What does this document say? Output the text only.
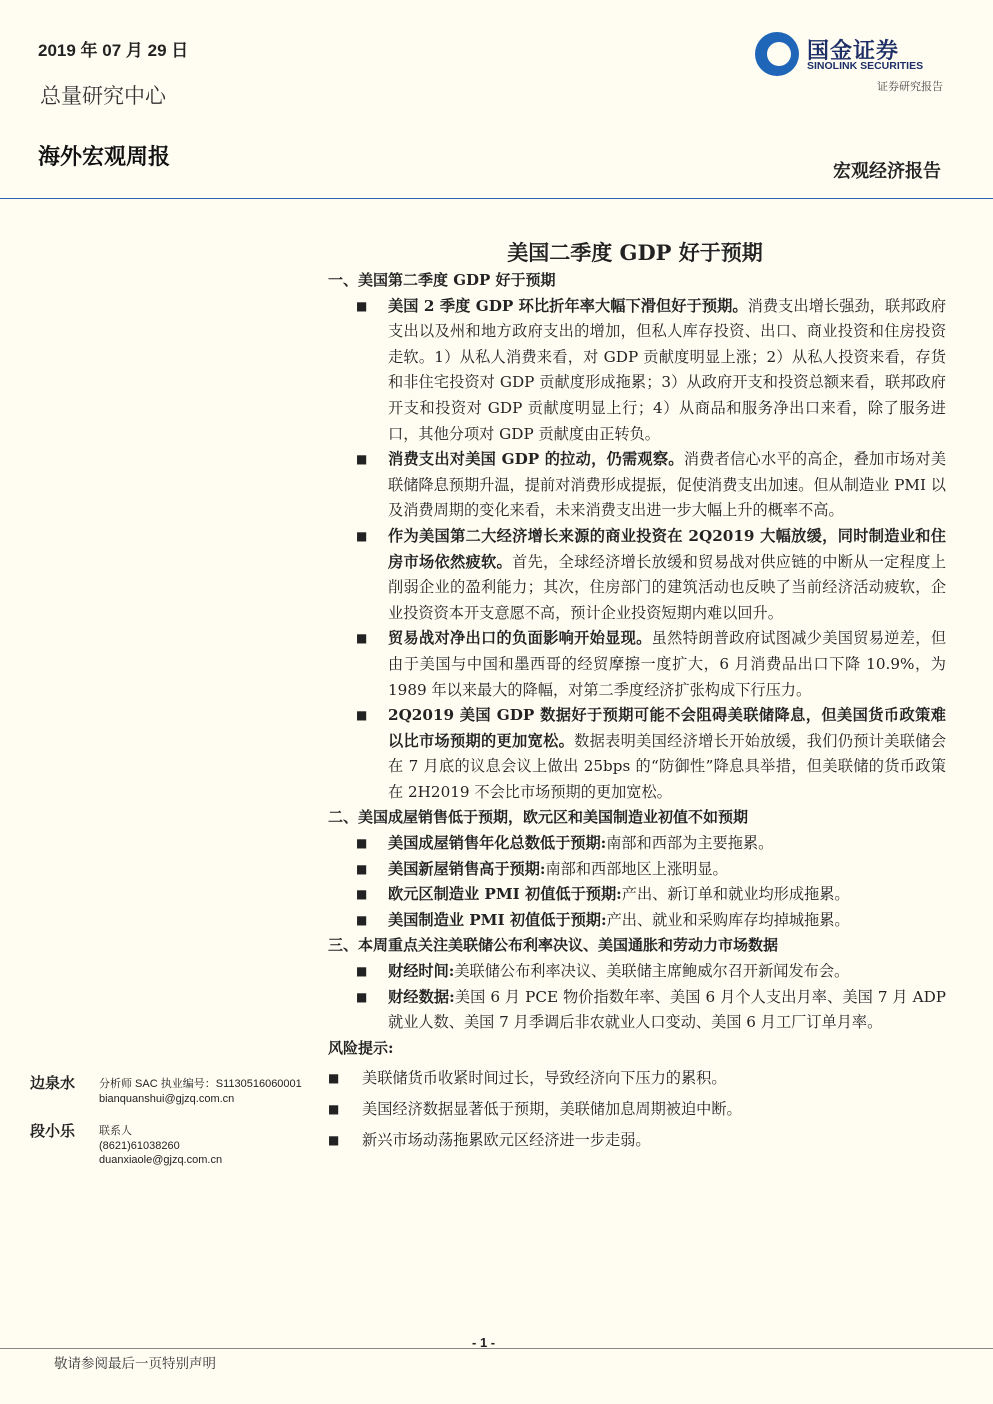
2019 年 07 月 29 日
总量研究中心
海外宏观周报
国金证券
SINOLINK SECURITIES
证券研究报告
宏观经济报告
美国二季度 GDP 好于预期
一、美国第二季度 GDP 好于预期
■ 美国 2 季度 GDP 环比折年率大幅下滑但好于预期。消费支出增长强劲，联邦政府支出以及州和地方政府支出的增加，但私人库存投资、出口、商业投资和住房投资走软。1）从私人消费来看，对 GDP 贡献度明显上涨；2）从私人投资来看，存货和非住宅投资对 GDP 贡献度形成拖累；3）从政府开支和投资总额来看，联邦政府开支和投资对 GDP 贡献度明显上行；4）从商品和服务净出口来看，除了服务进口，其他分项对 GDP 贡献度由正转负。
■ 消费支出对美国 GDP 的拉动，仍需观察。消费者信心水平的高企，叠加市场对美联储降息预期升温，提前对消费形成提振，促使消费支出加速。但从制造业 PMI 以及消费周期的变化来看，未来消费支出进一步大幅上升的概率不高。
■ 作为美国第二大经济增长来源的商业投资在 2Q2019 大幅放缓，同时制造业和住房市场依然疲软。首先，全球经济增长放缓和贸易战对供应链的中断从一定程度上削弱企业的盈利能力；其次，住房部门的建筑活动也反映了当前经济活动疲软，企业投资资本开支意愿不高，预计企业投资短期内难以回升。
■ 贸易战对净出口的负面影响开始显现。虽然特朗普政府试图减少美国贸易逆差，但由于美国与中国和墨西哥的经贸摩擦一度扩大，6 月消费品出口下降 10.9%，为 1989 年以来最大的降幅，对第二季度经济扩张构成下行压力。
■ 2Q2019 美国 GDP 数据好于预期可能不会阻碍美联储降息，但美国货币政策难以比市场预期的更加宽松。数据表明美国经济增长开始放缓，我们仍预计美联储会在 7 月底的议息会议上做出 25bps 的“防御性”降息具举措，但美联储的货币政策在 2H2019 不会比市场预期的更加宽松。
二、美国成屋销售低于预期，欧元区和美国制造业初值不如预期
■ 美国成屋销售年化总数低于预期:南部和西部为主要拖累。
■ 美国新屋销售高于预期:南部和西部地区上涨明显。
■ 欧元区制造业 PMI 初值低于预期:产出、新订单和就业均形成拖累。
■ 美国制造业 PMI 初值低于预期:产出、就业和采购库存均掉城拖累。
三、本周重点关注美联储公布利率决议、美国通胀和劳动力市场数据
■ 财经时间:美联储公布利率决议、美联储主席鲍威尔召开新闻发布会。
■ 财经数据:美国 6 月 PCE 物价指数年率、美国 6 月个人支出月率、美国 7 月 ADP 就业人数、美国 7 月季调后非农就业人口变动、美国 6 月工厂订单月率。
风险提示:
■ 美联储货币收紧时间过长，导致经济向下压力的累积。
■ 美国经济数据显著低于预期，美联储加息周期被迫中断。
■ 新兴市场动荡拖累欧元区经济进一步走弱。
边泉水 分析师 SAC 执业编号：S1130516060001
bianquanshui@gjzq.com.cn
段小乐 联系人
(8621)61038260
duanxiaole@gjzq.com.cn
- 1 -
敬请参阅最后一页特别声明
